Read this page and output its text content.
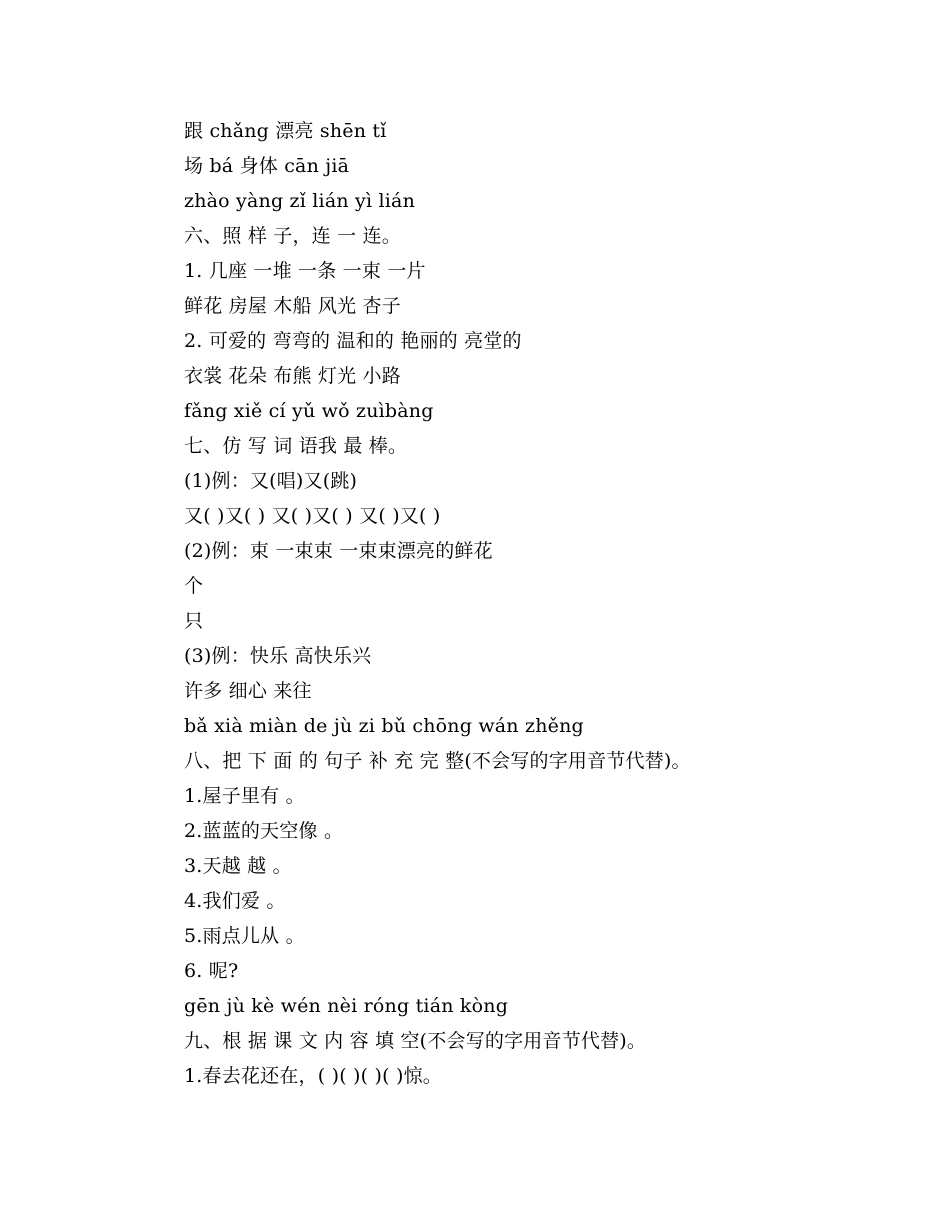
跟 chǎng 漂亮 shēn tǐ
场 bá 身体 cān jiā
zhào yàng zǐ lián yì lián
六、照 样 子，连 一 连。
1. 几座 一堆 一条 一束 一片
鲜花 房屋 木船 风光 杏子
2. 可爱的 弯弯的 温和的 艳丽的 亮堂的
衣裳 花朵 布熊 灯光 小路
fǎng xiě cí yǔ wǒ zuìbàng
七、仿 写 词 语我 最 棒。
(1)例：又(唱)又(跳)
又( )又( ) 又( )又( ) 又( )又( )
(2)例：束 一束束 一束束漂亮的鲜花
个
只
(3)例：快乐 高快乐兴
许多 细心 来往
bǎ xià miàn de jù zi bǔ chōng wán zhěng
八、把 下 面 的 句子 补 充 完 整(不会写的字用音节代替)。
1.屋子里有 。
2.蓝蓝的天空像 。
3.天越 越 。
4.我们爱 。
5.雨点儿从 。
6. 呢?
gēn jù kè wén nèi róng tián kòng
九、根 据 课 文 内 容 填 空(不会写的字用音节代替)。
1.春去花还在，( )( )( )( )惊。
